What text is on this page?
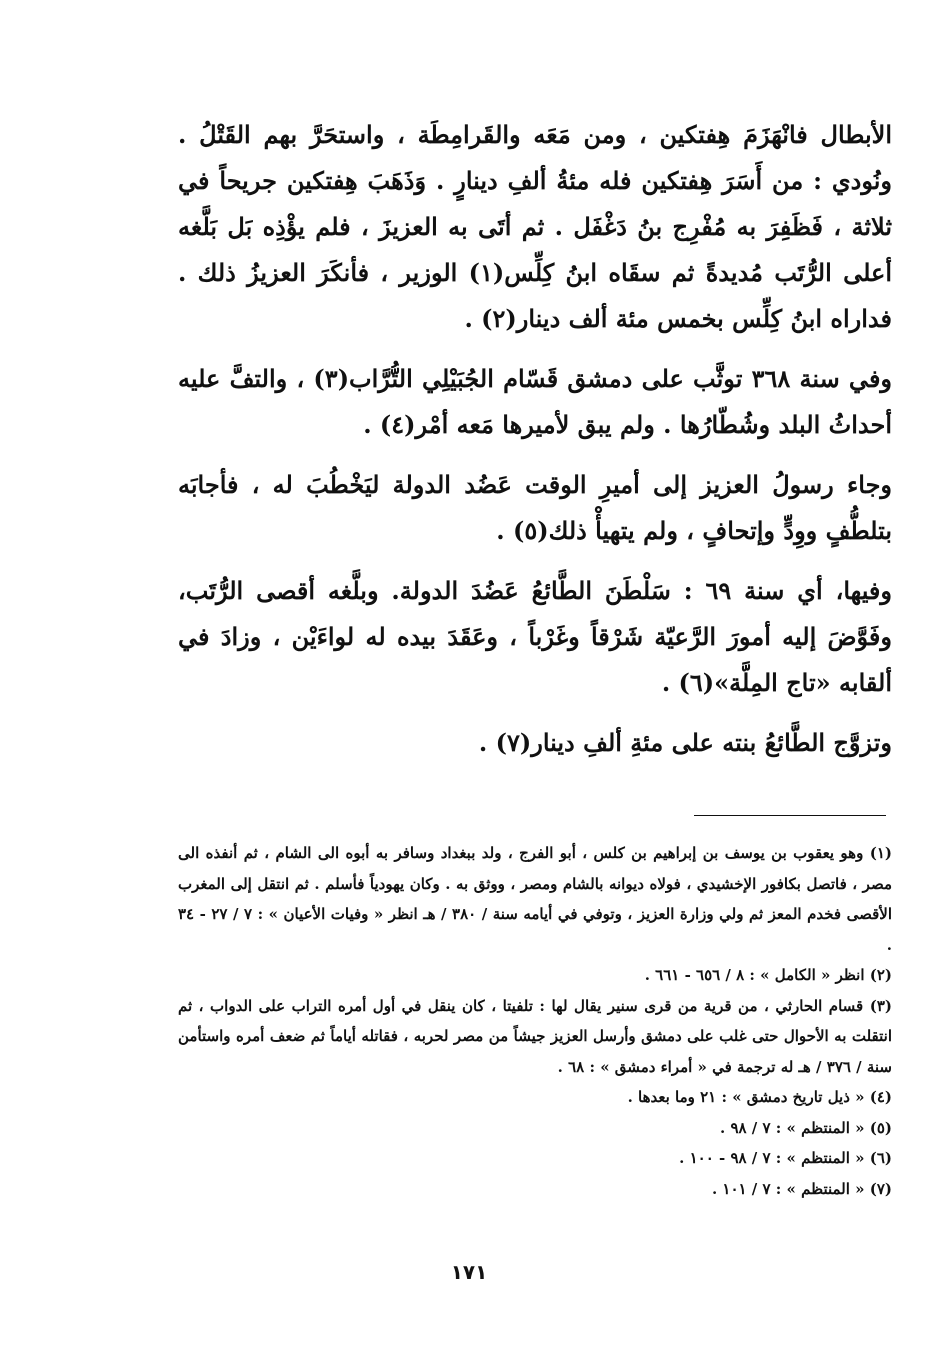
الأبطال فانْهَزَمَ هِفتكين ، ومن مَعَه والقَرامِطَة ، واستحَرَّ بهم القَتْلُ . ونُودي : من أَسَرَ هِفتكين فله مئةُ ألفِ دينارٍ . وَذَهَبَ هِفتكين جريحاً في ثلاثة ، فَظَفِرَ به مُفْرِج بنُ دَغْفَل . ثم أتَى به العزيزَ ، فلم يؤْذِه بَل بَلَّغه أعلى الرُّتَب مُديدةً ثم سقَاه ابنُ كِلِّس(١) الوزير ، فأنكَرَ العزيزُ ذلك . فداراه ابنُ كِلِّس بخمس مئة ألف دينار(٢) .

وفي سنة ٣٦٨ توثَّب على دمشق قَسّام الجُبَيْلِي التُّرَّاب(٣) ، والتفَّ عليه أحداثُ البلد وشُطّارُها . ولم يبق لأميرها مَعه أمْر(٤) .

وجاء رسولُ العزيز إلى أميرِ الوقت عَضُد الدولة ليَخْطُبَ له ، فأجابَه بتلطُّفٍ ووِدٍّ وإتحافٍ ، ولم يتهيأْ ذلك(٥) .

وفيها، أي سنة ٦٩ : سَلْطَنَ الطَّائعُ عَضُدَ الدولة. وبلَّغه أقصى الرُّتَب، وفَوَّضَ إليه أمورَ الرَّعيّة شَرْقاً وغَرْباً ، وعَقَدَ بيده له لواءَيْن ، وزادَ في ألقابه «تاج المِلَّة»(٦) .

وتزوَّج الطَّائعُ بنته على مئةِ ألفِ دينار(٧) .

(١) وهو يعقوب بن يوسف بن إبراهيم بن كلس ، أبو الفرج ، ولد ببغداد وسافر به أبوه الى الشام ، ثم أنفذه الى مصر ، فاتصل بكافور الإخشيدي ، فولاه ديوانه بالشام ومصر ، ووثق به . وكان يهودياً فأسلم . ثم انتقل إلى المغرب الأقصى فخدم المعز ثم ولي وزارة العزيز ، وتوفي في أيامه سنة / ٣٨٠ / هـ انظر « وفيات الأعيان » : ٧ / ٢٧ - ٣٤ .

(٢) انظر « الكامل » : ٨ / ٦٥٦ - ٦٦١ .

(٣) قسام الحارثي ، من قرية من قرى سنير يقال لها : تلفيتا ، كان ينقل في أول أمره التراب على الدواب ، ثم انتقلت به الأحوال حتى غلب على دمشق وأرسل العزيز جيشاً من مصر لحربه ، فقاتله أياماً ثم ضعف أمره واستأمن سنة / ٣٧٦ / هـ له ترجمة في « أمراء دمشق » : ٦٨ .

(٤) « ذيل تاريخ دمشق » : ٢١ وما بعدها .

(٥) « المنتظم » : ٧ / ٩٨ .

(٦) « المنتظم » : ٧ / ٩٨ - ١٠٠ .

(٧) « المنتظم » : ٧ / ١٠١ .

١٧١
